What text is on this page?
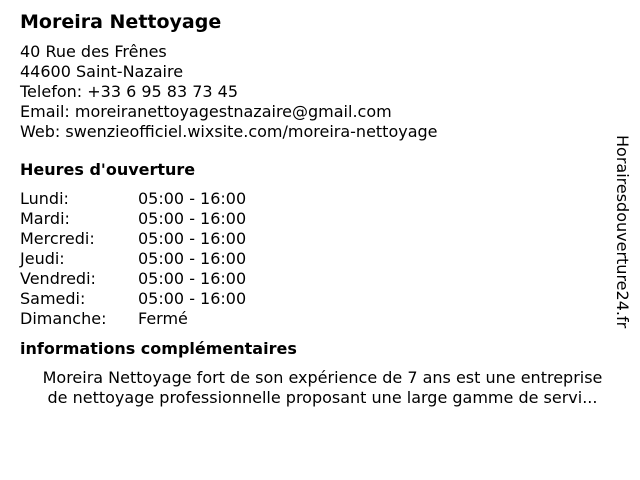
Moreira Nettoyage
40 Rue des Frênes
44600 Saint-Nazaire
Telefon: +33 6 95 83 73 45
Email: moreiranettoyagestnazaire@gmail.com
Web: swenzieofficiel.wixsite.com/moreira-nettoyage
Heures d'ouverture
Lundi:	05:00 - 16:00
Mardi:	05:00 - 16:00
Mercredi:	05:00 - 16:00
Jeudi:	05:00 - 16:00
Vendredi:	05:00 - 16:00
Samedi:	05:00 - 16:00
Dimanche:	Fermé
informations complémentaires
Moreira Nettoyage fort de son expérience de 7 ans est une entreprise
de nettoyage professionnelle proposant une large gamme de servi...
Horairesdouverture24.fr
